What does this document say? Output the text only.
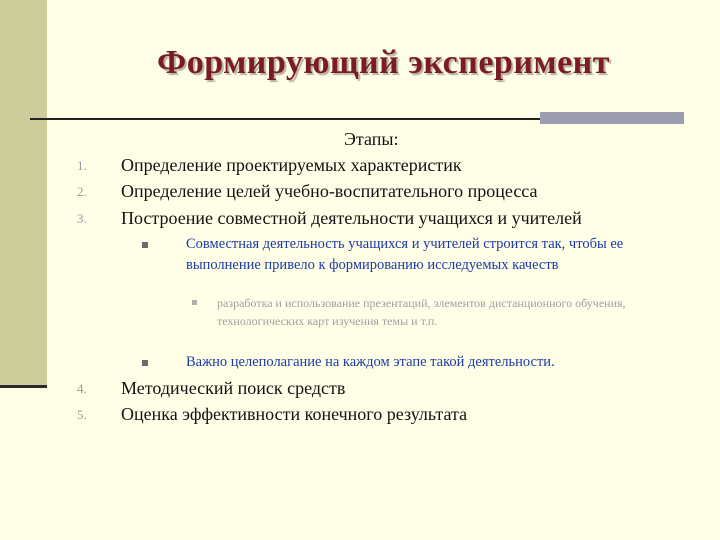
Формирующий эксперимент
Этапы:
1. Определение проектируемых характеристик
2. Определение целей учебно-воспитательного процесса
3. Построение совместной деятельности учащихся и учителей
Совместная деятельность учащихся и учителей строится так, чтобы ее выполнение привело к формированию исследуемых качеств
разработка и использование презентаций, элементов дистанционного обучения, технологических карт изучения темы и т.п.
Важно целеполагание на каждом этапе такой деятельности.
4. Методический поиск средств
5. Оценка эффективности конечного результата
